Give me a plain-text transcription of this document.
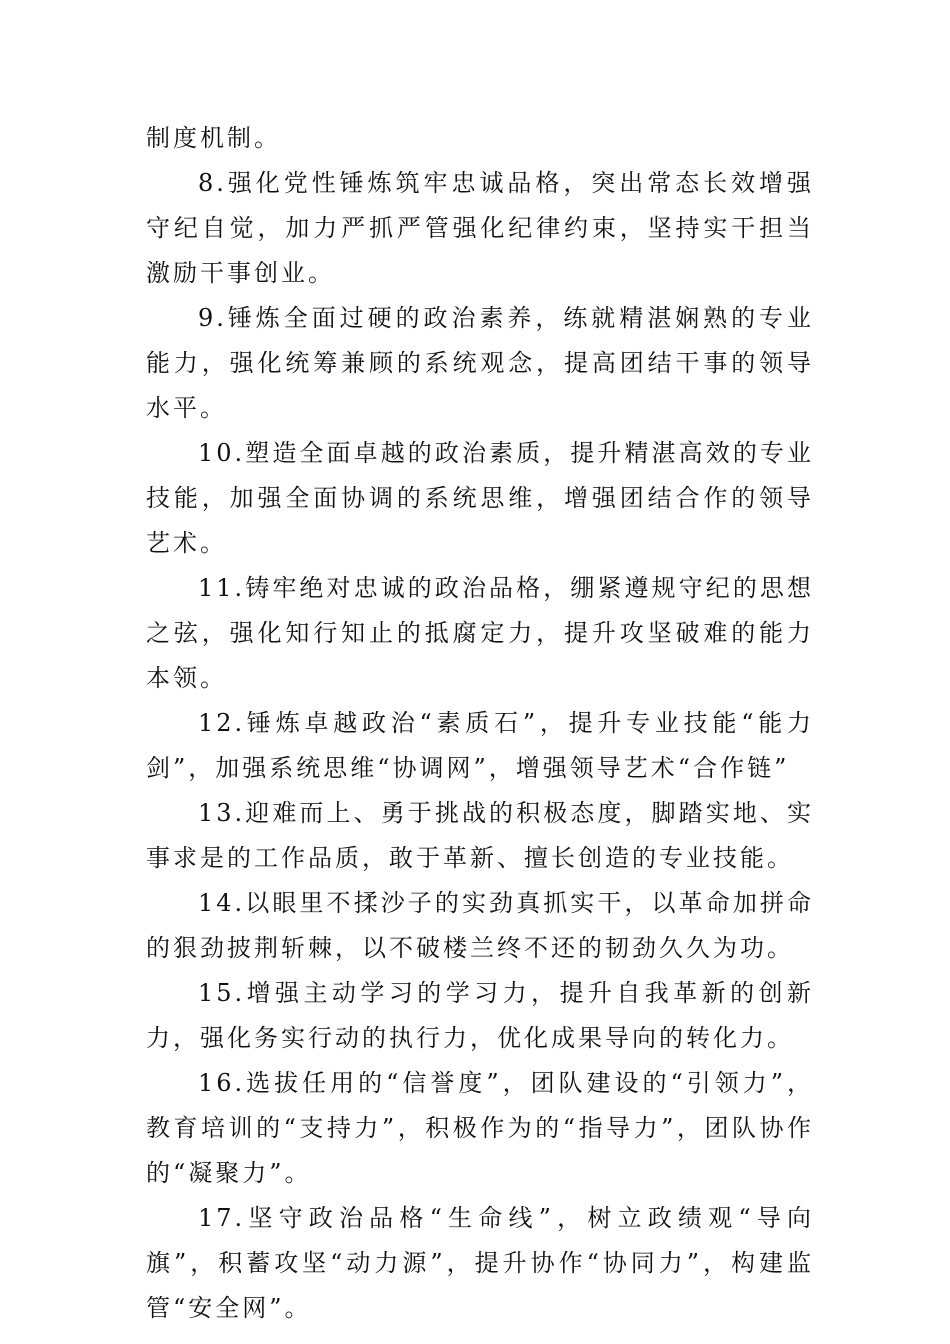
制度机制。

8.强化党性锤炼筑牢忠诚品格，突出常态长效增强守纪自觉，加力严抓严管强化纪律约束，坚持实干担当激励干事创业。

9.锤炼全面过硬的政治素养，练就精湛娴熟的专业能力，强化统筹兼顾的系统观念，提高团结干事的领导水平。

10.塑造全面卓越的政治素质，提升精湛高效的专业技能，加强全面协调的系统思维，增强团结合作的领导艺术。

11.铸牢绝对忠诚的政治品格，绷紧遵规守纪的思想之弦，强化知行知止的抵腐定力，提升攻坚破难的能力本领。

12.锤炼卓越政治“素质石”，提升专业技能“能力剑”，加强系统思维“协调网”，增强领导艺术“合作链”

13.迎难而上、勇于挑战的积极态度，脚踏实地、实事求是的工作品质，敢于革新、擅长创造的专业技能。

14.以眼里不揉沙子的实劲真抓实干，以革命加拼命的狠劲披荆斩棘，以不破楼兰终不还的韧劲久久为功。

15.增强主动学习的学习力，提升自我革新的创新力，强化务实行动的执行力，优化成果导向的转化力。

16.选拔任用的“信誉度”，团队建设的“引领力”，教育培训的“支持力”，积极作为的“指导力”，团队协作的“凝聚力”。

17.坚守政治品格“生命线”，树立政绩观“导向旗”，积蓄攻坚“动力源”，提升协作“协同力”，构建监管“安全网”。
